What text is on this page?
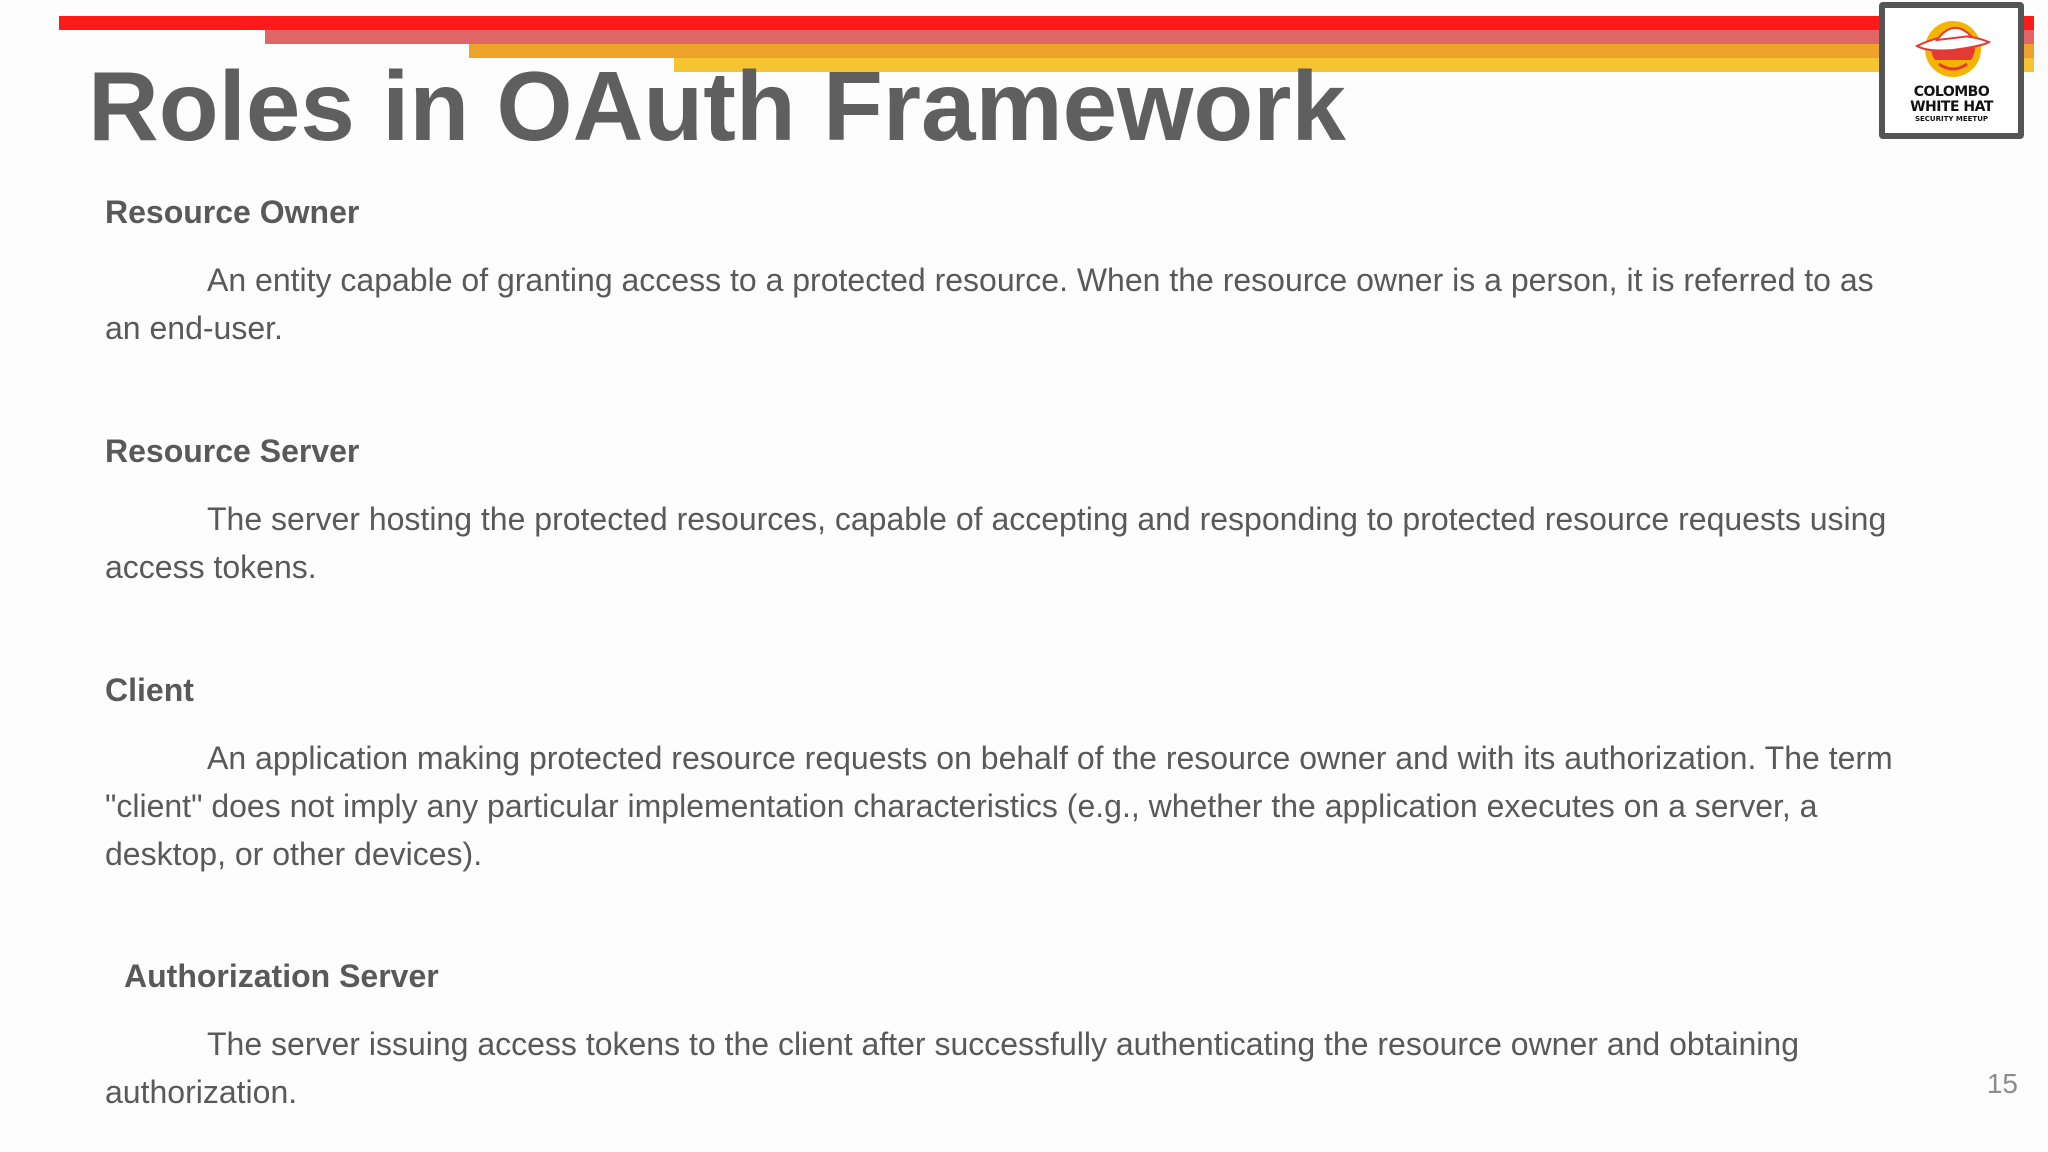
Roles in OAuth Framework	COLOMBO
WHITE HAT
SECURITY MEETUP
Resource Owner

An entity capable of granting access to a protected resource. When the resource owner is a person, it is referred to as an end-user.

Resource Server

The server hosting the protected resources, capable of accepting and responding to protected resource requests using access tokens.

Client

An application making protected resource requests on behalf of the resource owner and with its authorization. The term "client" does not imply any particular implementation characteristics (e.g., whether the application executes on a server, a desktop, or other devices).

Authorization Server

The server issuing access tokens to the client after successfully authenticating the resource owner and obtaining authorization.	15
